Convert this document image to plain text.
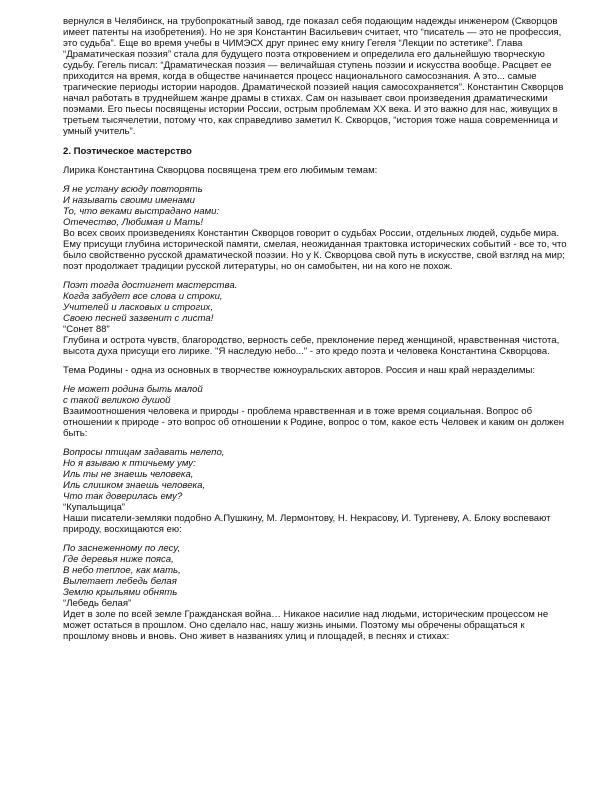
вернулся в Челябинск, на трубопрокатный завод, где показал себя подающим надежды инженером (Скворцов имеет патенты на изобретения). Но не зря Константин Васильевич считает, что “писатель — это не профессия, это судьба”. Еще во время учебы в ЧИМЭСХ друг принес ему книгу Гегеля “Лекции по эстетике”. Глава “Драматическая поэзия” стала для будущего поэта откровением и определила его дальнейшую творческую судьбу. Гегель писал: “Драматическая поэзия — величайшая ступень поэзии и искусства вообще. Расцвет ее приходится на время, когда в обществе начинается процесс национального самосознания. А это... самые трагические периоды истории народов. Драматической поэзией нация самосохраняется”. Константин Скворцов начал работать в труднейшем жанре драмы в стихах. Сам он называет свои произведения драматическими поэмами. Его пьесы посвящены истории России, острым проблемам ХХ века. И это важно для нас, живущих в третьем тысячелетии, потому что, как справедливо заметил К. Скворцов, “история тоже наша современница и умный учитель”.

2. Поэтическое мастерство

Лирика Константина Скворцова посвящена трем его любимым темам:

Я не устану всюду повторять
И называть своими именами
То, что веками выстрадано нами:
Отечество, Любимая и Мать!

Во всех своих произведениях Константин Скворцов говорит о судьбах России, отдельных людей, судьбе мира. Ему присущи глубина исторической памяти, смелая, неожиданная трактовка исторических событий - все то, что было свойственно русской драматической поэзии. Но у К. Скворцова свой путь в искусстве, свой взгляд на мир; поэт продолжает традиции русской литературы, но он самобытен, ни на кого не похож.

Поэт тогда достигнет мастерства.
Когда забудет все слова и строки,
Учителей и ласковых и строгих,
Своею песней зазвенит с листа!
“Сонет 88”

Глубина и острота чувств, благородство, верность себе, преклонение перед женщиной, нравственная чистота, высота духа присущи его лирике. "Я наследую небо..." - это кредо поэта и человека Константина Скворцова.

Тема Родины - одна из основных в творчестве южноуральских авторов. Россия и наш край неразделимы:

Не может родина быть малой
с такой великою душой

Взаимоотношения человека и природы - проблема нравственная и в тоже время социальная. Вопрос об отношении к природе - это вопрос об отношении к Родине, вопрос о том, какое есть Человек и каким он должен быть:

Вопросы птицам задавать нелепо,
Но я взываю к птичьему уму:
Иль ты не знаешь человека,
Иль слишком знаешь человека,
Что так доверилась ему?
“Купальщица”

Наши писатели-земляки подобно А.Пушкину, М. Лермонтову, Н. Некрасову, И. Тургеневу, А. Блоку воспевают природу, восхищаются ею:

По заснеженному по лесу,
Где деревья ниже пояса,
В небо теплое, как мать,
Вылетает лебедь белая
Землю крыльями обнять
“Лебедь белая”

Идет в золе по всей земле Гражданская война… Никакое насилие над людьми, историческим процессом не может остаться в прошлом. Оно сделало нас, нашу жизнь иными. Поэтому мы обречены обращаться к прошлому вновь и вновь. Оно живет в названиях улиц и площадей, в песнях и стихах:
